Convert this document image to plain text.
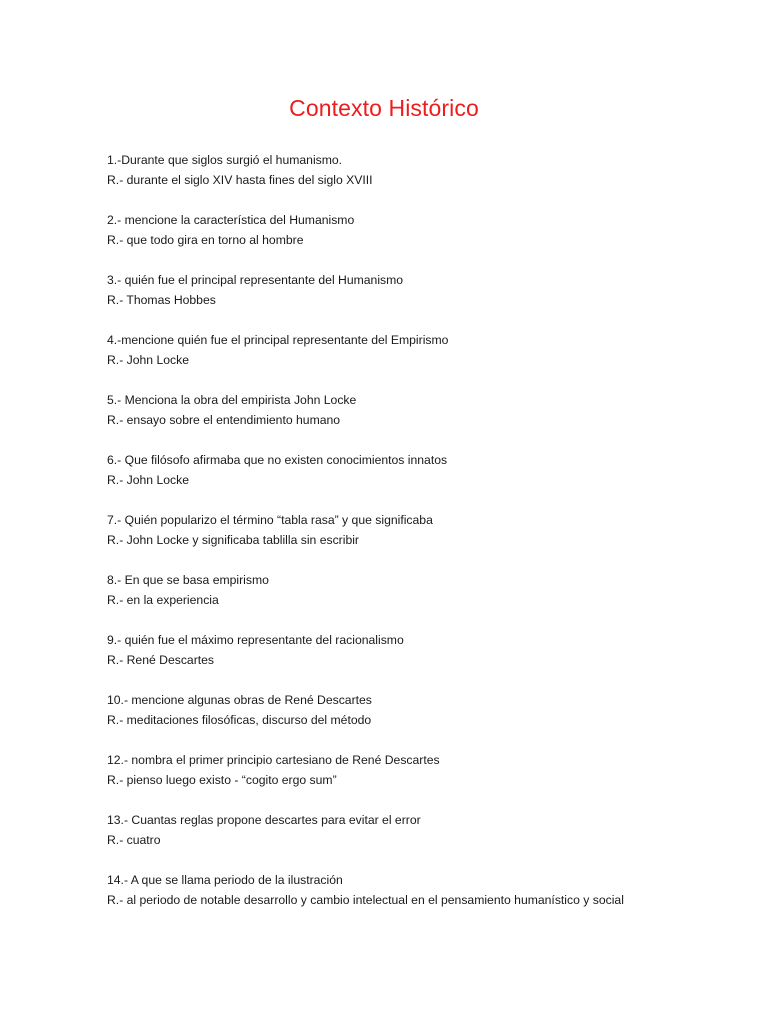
Contexto Histórico
1.-Durante que siglos surgió el humanismo.
R.- durante el siglo XIV hasta fines del siglo XVIII
2.- mencione la característica del Humanismo
R.- que todo gira en torno al hombre
3.- quién fue el principal representante del Humanismo
R.- Thomas Hobbes
4.-mencione quién fue el principal representante del Empirismo
R.- John Locke
5.- Menciona la obra del empirista John Locke
R.- ensayo sobre el entendimiento humano
6.- Que filósofo afirmaba que no existen conocimientos innatos
R.- John Locke
7.- Quién popularizo el término “tabla rasa” y que significaba
R.- John Locke y significaba tablilla sin escribir
8.- En que se basa empirismo
R.- en la experiencia
9.- quién fue el máximo representante del racionalismo
R.- René Descartes
10.- mencione algunas obras de René Descartes
R.- meditaciones filosóficas, discurso del método
12.- nombra el primer principio cartesiano de René Descartes
R.- pienso luego existo - “cogito ergo sum”
13.- Cuantas reglas propone descartes para evitar el error
R.- cuatro
14.- A que se llama periodo de la ilustración
R.- al periodo de notable desarrollo y cambio intelectual en el pensamiento humanístico y social
